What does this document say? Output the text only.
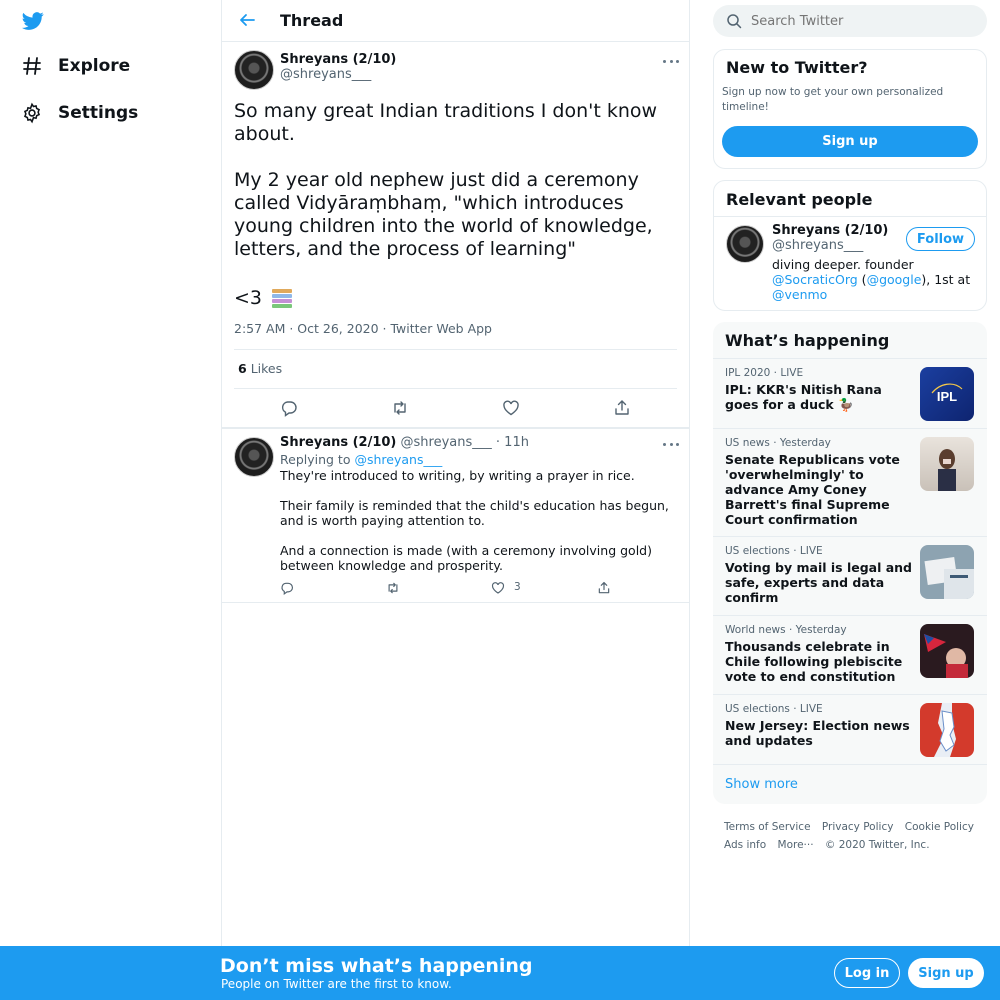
Explore
Settings
Thread
Shreyans (2/10)
@shreyans___
So many great Indian traditions I don't know about.

My 2 year old nephew just did a ceremony called Vidyāraṃbhaṃ, "which introduces young children into the world of knowledge, letters, and the process of learning"
<3
2:57 AM · Oct 26, 2020 · Twitter Web App
6 Likes
Shreyans (2/10) @shreyans___ · 11h
Replying to @shreyans___
They're introduced to writing, by writing a prayer in rice.

Their family is reminded that the child's education has begun, and is worth paying attention to.

And a connection is made (with a ceremony involving gold) between knowledge and prosperity.
3
Search Twitter
New to Twitter?
Sign up now to get your own personalized timeline!
Sign up
Relevant people
Shreyans (2/10)
@shreyans___	Follow
diving deeper. founder @SocraticOrg (@google), 1st at @venmo
What’s happening
IPL 2020 · LIVE
IPL: KKR's Nitish Rana goes for a duck 🦆
IPL
US news · Yesterday
Senate Republicans vote 'overwhelmingly' to advance Amy Coney Barrett's final Supreme Court confirmation
US elections · LIVE
Voting by mail is legal and safe, experts and data confirm
World news · Yesterday
Thousands celebrate in Chile following plebiscite vote to end constitution
US elections · LIVE
New Jersey: Election news and updates
Show more
Terms of Service Privacy Policy Cookie Policy
Ads info More··· © 2020 Twitter, Inc.
Don’t miss what’s happening
People on Twitter are the first to know.
Log in	Sign up
